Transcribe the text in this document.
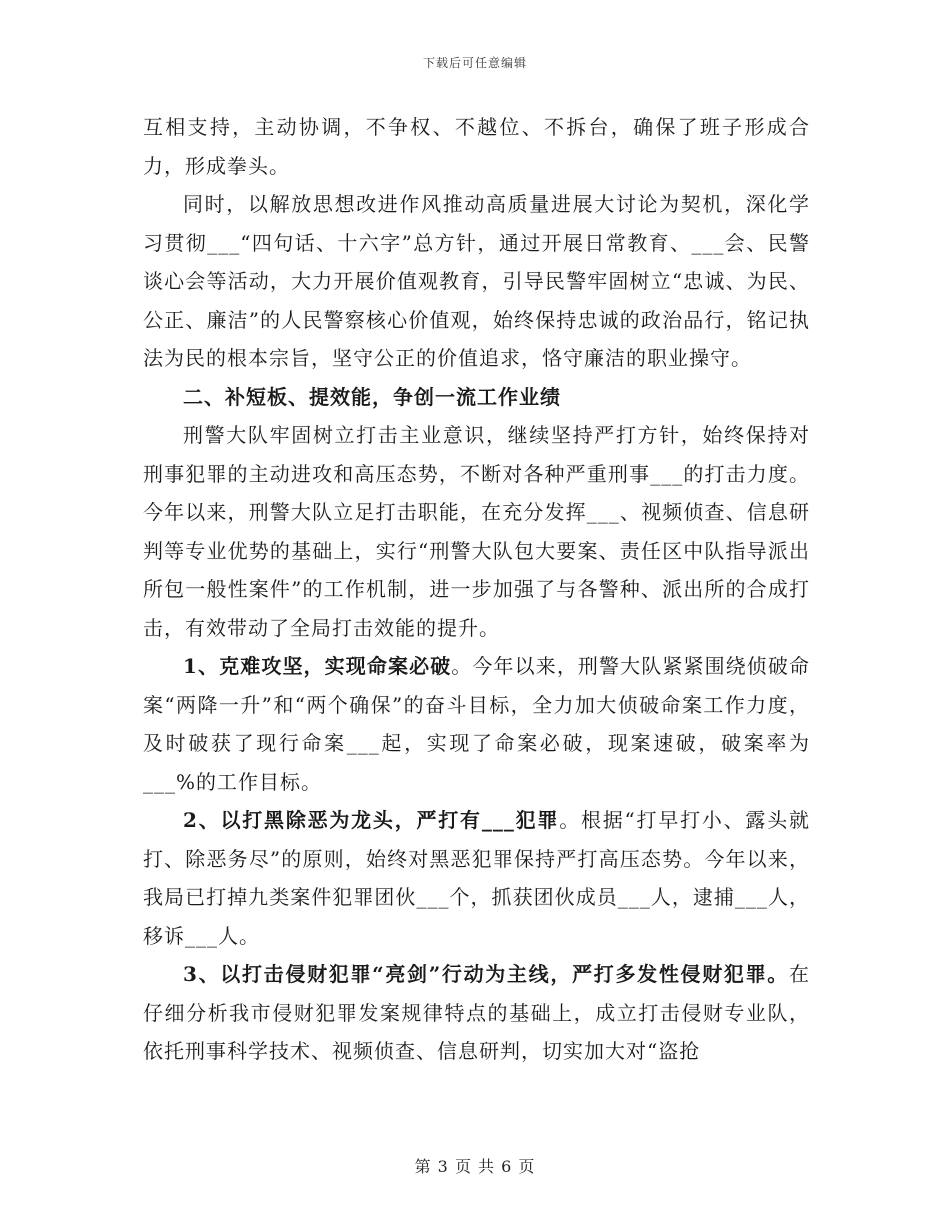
下载后可任意编辑

互相支持，主动协调，不争权、不越位、不拆台，确保了班子形成合力，形成拳头。

同时，以解放思想改进作风推动高质量进展大讨论为契机，深化学习贯彻___“四句话、十六字”总方针，通过开展日常教育、___会、民警谈心会等活动，大力开展价值观教育，引导民警牢固树立“忠诚、为民、公正、廉洁”的人民警察核心价值观，始终保持忠诚的政治品行，铭记执法为民的根本宗旨，坚守公正的价值追求，恪守廉洁的职业操守。

二、补短板、提效能，争创一流工作业绩

刑警大队牢固树立打击主业意识，继续坚持严打方针，始终保持对刑事犯罪的主动进攻和高压态势，不断对各种严重刑事___的打击力度。今年以来，刑警大队立足打击职能，在充分发挥___、视频侦查、信息研判等专业优势的基础上，实行“刑警大队包大要案、责任区中队指导派出所包一般性案件”的工作机制，进一步加强了与各警种、派出所的合成打击，有效带动了全局打击效能的提升。

1、克难攻坚，实现命案必破。今年以来，刑警大队紧紧围绕侦破命案“两降一升”和“两个确保”的奋斗目标，全力加大侦破命案工作力度，及时破获了现行命案___起，实现了命案必破，现案速破，破案率为___%的工作目标。

2、以打黑除恶为龙头，严打有___犯罪。根据“打早打小、露头就打、除恶务尽”的原则，始终对黑恶犯罪保持严打高压态势。今年以来，我局已打掉九类案件犯罪团伙___个，抓获团伙成员___人，逮捕___人，移诉___人。

3、以打击侵财犯罪“亮剑”行动为主线，严打多发性侵财犯罪。在仔细分析我市侵财犯罪发案规律特点的基础上，成立打击侵财专业队，依托刑事科学技术、视频侦查、信息研判，切实加大对“盗抢

第 3 页 共 6 页
